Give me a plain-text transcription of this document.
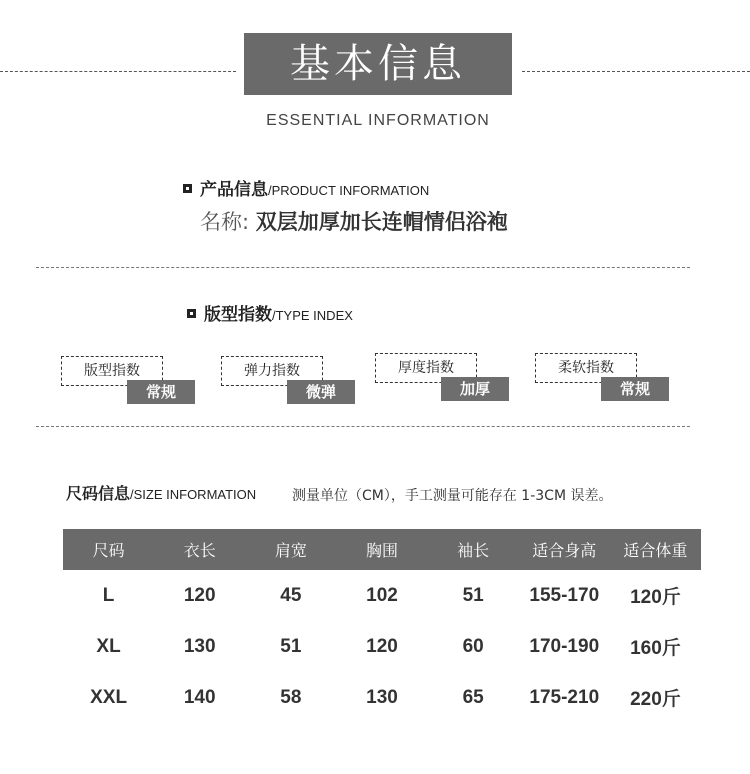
基本信息
ESSENTIAL INFORMATION
产品信息/PRODUCT INFORMATION
名称: 双层加厚加长连帽情侣浴袍
版型指数/TYPE INDEX
版型指数
常规
弹力指数
微弹
厚度指数
加厚
柔软指数
常规
尺码信息/SIZE INFORMATION	测量单位（CM），手工测量可能存在 1-3CM 误差。
尺码	衣长	肩宽	胸围	袖长	适合身高	适合体重
L	120	45	102	51	155-170	120斤
XL	130	51	120	60	170-190	160斤
XXL	140	58	130	65	175-210	220斤
